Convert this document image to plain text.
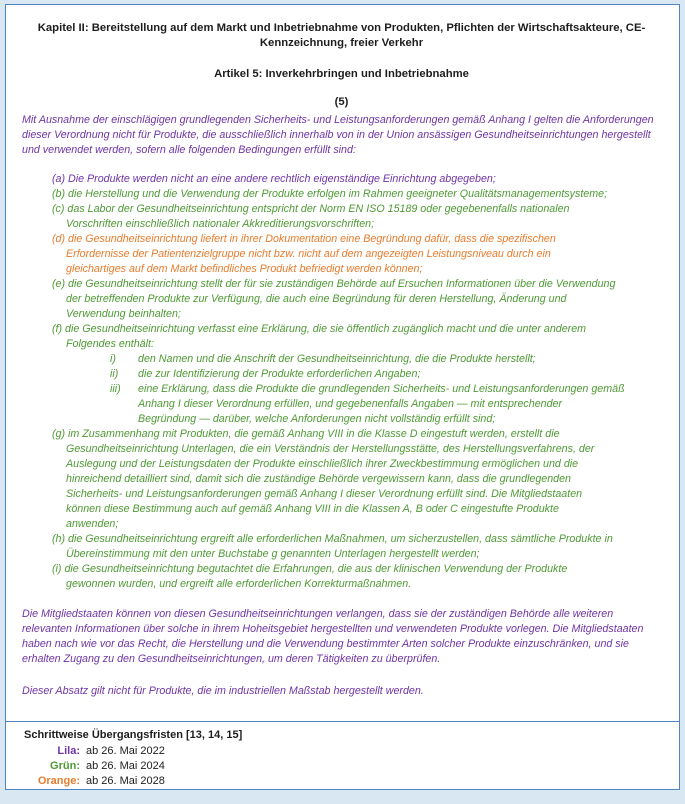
Kapitel II: Bereitstellung auf dem Markt und Inbetriebnahme von Produkten, Pflichten der Wirtschaftsakteure, CE-Kennzeichnung, freier Verkehr
Artikel 5: Inverkehrbringen und Inbetriebnahme
(5)

Mit Ausnahme der einschlägigen grundlegenden Sicherheits- und Leistungsanforderungen gemäß Anhang I gelten die Anforderungen dieser Verordnung nicht für Produkte, die ausschließlich innerhalb von in der Union ansässigen Gesundheitseinrichtungen hergestellt und verwendet werden, sofern alle folgenden Bedingungen erfüllt sind:

(a) Die Produkte werden nicht an eine andere rechtlich eigenständige Einrichtung abgegeben;
(b) die Herstellung und die Verwendung der Produkte erfolgen im Rahmen geeigneter Qualitätsmanagementsysteme;
(c) das Labor der Gesundheitseinrichtung entspricht der Norm EN ISO 15189 oder gegebenenfalls nationalen
Vorschriften einschließlich nationaler Akkreditierungsvorschriften;
(d) die Gesundheitseinrichtung liefert in ihrer Dokumentation eine Begründung dafür, dass die spezifischen
Erfordernisse der Patientenzielgruppe nicht bzw. nicht auf dem angezeigten Leistungsniveau durch ein
gleichartiges auf dem Markt befindliches Produkt befriedigt werden können;
(e) die Gesundheitseinrichtung stellt der für sie zuständigen Behörde auf Ersuchen Informationen über die Verwendung
der betreffenden Produkte zur Verfügung, die auch eine Begründung für deren Herstellung, Änderung und
Verwendung beinhalten;
(f) die Gesundheitseinrichtung verfasst eine Erklärung, die sie öffentlich zugänglich macht und die unter anderem
Folgendes enthält:
i)	den Namen und die Anschrift der Gesundheitseinrichtung, die die Produkte herstellt;
ii)	die zur Identifizierung der Produkte erforderlichen Angaben;
iii)	eine Erklärung, dass die Produkte die grundlegenden Sicherheits- und Leistungsanforderungen gemäß
Anhang I dieser Verordnung erfüllen, und gegebenenfalls Angaben — mit entsprechender
Begründung — darüber, welche Anforderungen nicht vollständig erfüllt sind;
(g) im Zusammenhang mit Produkten, die gemäß Anhang VIII in die Klasse D eingestuft werden, erstellt die
Gesundheitseinrichtung Unterlagen, die ein Verständnis der Herstellungsstätte, des Herstellungsverfahrens, der
Auslegung und der Leistungsdaten der Produkte einschließlich ihrer Zweckbestimmung ermöglichen und die
hinreichend detailliert sind, damit sich die zuständige Behörde vergewissern kann, dass die grundlegenden
Sicherheits- und Leistungsanforderungen gemäß Anhang I dieser Verordnung erfüllt sind. Die Mitgliedstaaten
können diese Bestimmung auch auf gemäß Anhang VIII in die Klassen A, B oder C eingestufte Produkte
anwenden;
(h) die Gesundheitseinrichtung ergreift alle erforderlichen Maßnahmen, um sicherzustellen, dass sämtliche Produkte in
Übereinstimmung mit den unter Buchstabe g genannten Unterlagen hergestellt werden;
(i) die Gesundheitseinrichtung begutachtet die Erfahrungen, die aus der klinischen Verwendung der Produkte
gewonnen wurden, und ergreift alle erforderlichen Korrekturmaßnahmen.

Die Mitgliedstaaten können von diesen Gesundheitseinrichtungen verlangen, dass sie der zuständigen Behörde alle weiteren relevanten Informationen über solche in ihrem Hoheitsgebiet hergestellten und verwendeten Produkte vorlegen. Die Mitgliedstaaten haben nach wie vor das Recht, die Herstellung und die Verwendung bestimmter Arten solcher Produkte einzuschränken, und sie erhalten Zugang zu den Gesundheitseinrichtungen, um deren Tätigkeiten zu überprüfen.

Dieser Absatz gilt nicht für Produkte, die im industriellen Maßstab hergestellt werden.

Schrittweise Übergangsfristen [13, 14, 15]
Lila: ab 26. Mai 2022
Grün: ab 26. Mai 2024
Orange: ab 26. Mai 2028
